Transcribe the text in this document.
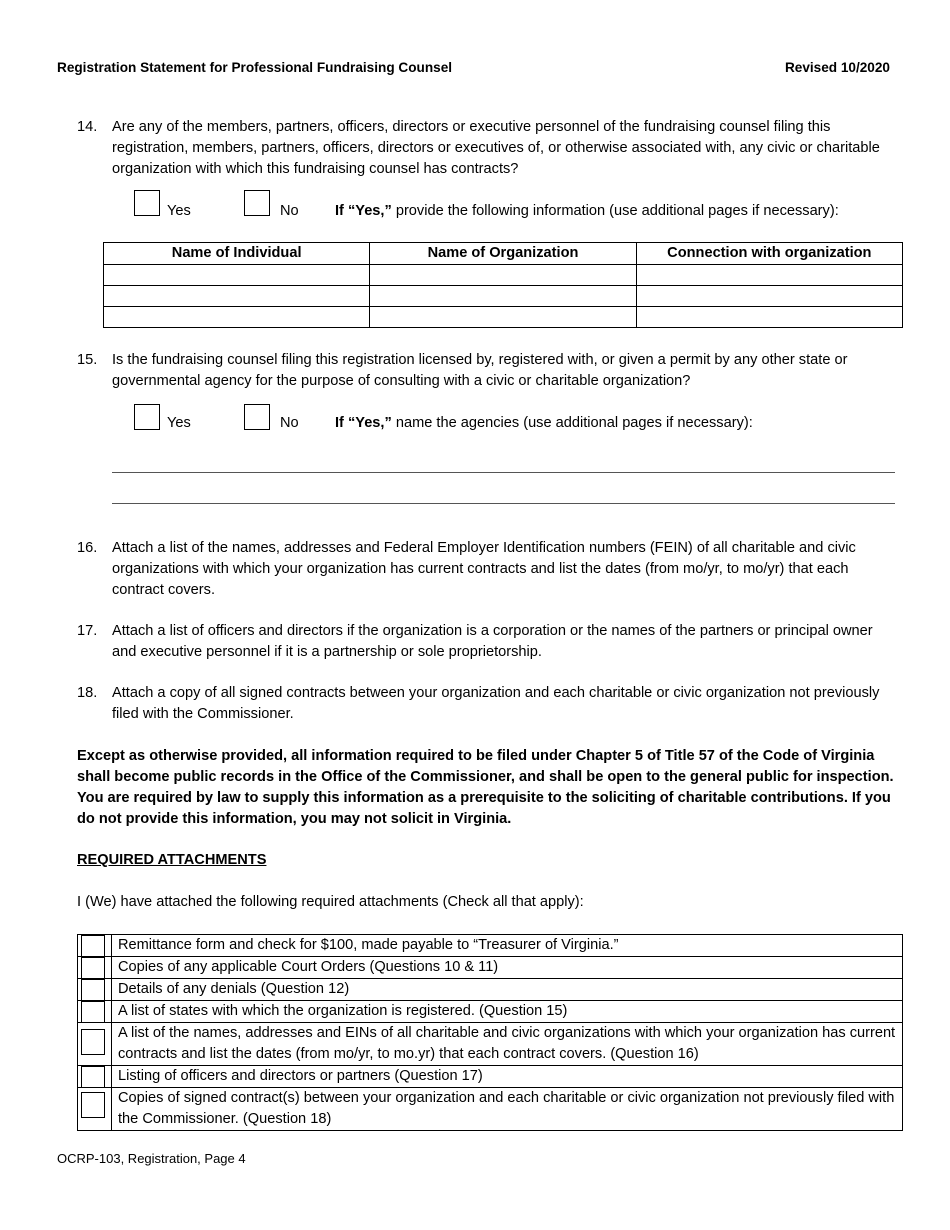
Registration Statement for Professional Fundraising Counsel	Revised 10/2020
14. Are any of the members, partners, officers, directors or executive personnel of the fundraising counsel filing this registration, members, partners, officers, directors or executives of, or otherwise associated with, any civic or charitable organization with which this fundraising counsel has contracts?
Yes	No If “Yes,” provide the following information (use additional pages if necessary):
Name of Individual	Name of Organization	Connection with organization

15. Is the fundraising counsel filing this registration licensed by, registered with, or given a permit by any other state or governmental agency for the purpose of consulting with a civic or charitable organization?
Yes	No If “Yes,” name the agencies (use additional pages if necessary):
16. Attach a list of the names, addresses and Federal Employer Identification numbers (FEIN) of all charitable and civic organizations with which your organization has current contracts and list the dates (from mo/yr, to mo/yr) that each contract covers.
17. Attach a list of officers and directors if the organization is a corporation or the names of the partners or principal owner and executive personnel if it is a partnership or sole proprietorship.
18. Attach a copy of all signed contracts between your organization and each charitable or civic organization not previously filed with the Commissioner.
Except as otherwise provided, all information required to be filed under Chapter 5 of Title 57 of the Code of Virginia shall become public records in the Office of the Commissioner, and shall be open to the general public for inspection. You are required by law to supply this information as a prerequisite to the soliciting of charitable contributions. If you do not provide this information, you may not solicit in Virginia.
REQUIRED ATTACHMENTS
I (We) have attached the following required attachments (Check all that apply):
	Remittance form and check for $100, made payable to “Treasurer of Virginia.”

	Copies of any applicable Court Orders (Questions 10 & 11)

	Details of any denials (Question 12)

	A list of states with which the organization is registered. (Question 15)

	A list of the names, addresses and EINs of all charitable and civic organizations with which your organization has current contracts and list the dates (from mo/yr, to mo.yr) that each contract covers. (Question 16)

	Listing of officers and directors or partners (Question 17)

	Copies of signed contract(s) between your organization and each charitable or civic organization not previously filed with the Commissioner. (Question 18)
OCRP-103, Registration, Page 4
